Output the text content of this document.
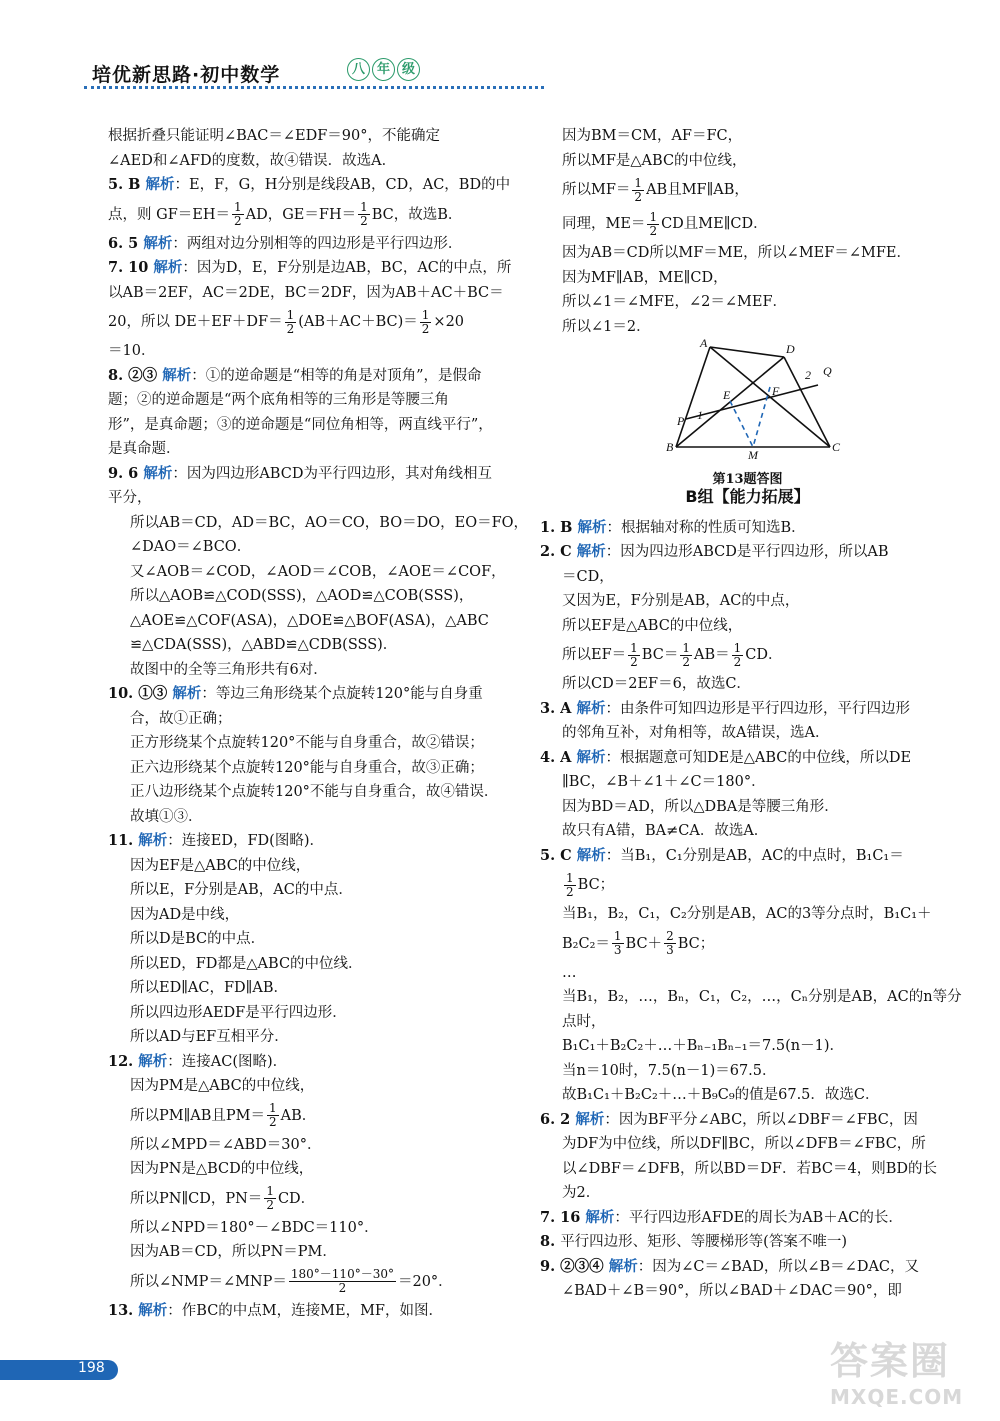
培优新思路·初中数学	八 年 级
根据折叠只能证明∠BAC＝∠EDF＝90°，不能确定
∠AED和∠AFD的度数，故④错误．故选A．
5. B 解析：E，F，G，H分别是线段AB，CD，AC，BD的中
点，则 $GF=EH= \frac{1}{2}$ AD，$GE=FH= \frac{1}{2}$ BC，故选B．
6. 5 解析：两组对边分别相等的四边形是平行四边形．
7. 10 解析：因为D，E，F分别是边AB，BC，AC的中点，所
以AB＝2EF，AC＝2DE，BC＝2DF，因为AB＋AC＋BC＝
20，所以 $DE+EF+DF= \frac{1}{2} (AB+AC+BC)= \frac{1}{2} \times 20$
＝10．
8. ②③ 解析：①的逆命题是“相等的角是对顶角”，是假命
题；②的逆命题是“两个底角相等的三角形是等腰三角
形”，是真命题；③的逆命题是“同位角相等，两直线平行”，
是真命题．
9. 6 解析：因为四边形ABCD为平行四边形，其对角线相互
平分，
所以AB＝CD，AD＝BC，AO＝CO，BO＝DO，EO＝FO，
∠DAO＝∠BCO．
又∠AOB＝∠COD，∠AOD＝∠COB，∠AOE＝∠COF，
所以△AOB≌△COD(SSS)，△AOD≌△COB(SSS)，
△AOE≌△COF(ASA)，△DOE≌△BOF(ASA)，△ABC
≌△CDA(SSS)，△ABD≌△CDB(SSS)．
故图中的全等三角形共有6对．
10. ①③ 解析：等边三角形绕某个点旋转120°能与自身重
合，故①正确；
正方形绕某个点旋转120°不能与自身重合，故②错误；
正六边形绕某个点旋转120°能与自身重合，故③正确；
正八边形绕某个点旋转120°不能与自身重合，故④错误．
故填①③．
11. 解析：连接ED，FD(图略)．
因为EF是△ABC的中位线，
所以E，F分别是AB，AC的中点．
因为AD是中线，
所以D是BC的中点．
所以ED，FD都是△ABC的中位线．
所以ED∥AC，FD∥AB．
所以四边形AEDF是平行四边形．
所以AD与EF互相平分．
12. 解析：连接AC(图略)．
因为PM是△ABC的中位线，
所以PM∥AB且$PM= \frac{1}{2}$ AB．
所以∠MPD＝∠ABD＝30°．
因为PN是△BCD的中位线，
所以PN∥CD，$PN= \frac{1}{2}$ CD．
所以∠NPD＝180°－∠BDC＝110°．
因为AB＝CD，所以PN＝PM．
所以∠NMP＝∠MNP＝ $\frac{180^\circ-110^\circ-30^\circ}{2} =20^\circ$．
13. 解析：作BC的中点M，连接ME，MF，如图．
因为BM＝CM，AF＝FC，
所以MF是△ABC的中位线，
所以$MF= \frac{1}{2}$ AB且MF∥AB，
同理，$ME= \frac{1}{2}$ CD且ME∥CD．
因为AB＝CD所以MF＝ME，所以∠MEF＝∠MFE．
因为MF∥AB，ME∥CD，
所以∠1＝∠MFE，∠2＝∠MEF．
所以∠1＝2．
A	D
Q
2
P 1
E	F
B
M
C
第13题答图
B组【能力拓展】
1. B 解析：根据轴对称的性质可知选B．
2. C 解析：因为四边形ABCD是平行四边形，所以AB
＝CD，
又因为E，F分别是AB，AC的中点，
所以EF是△ABC的中位线，
所以$EF= \frac{1}{2} BC= \frac{1}{2} AB= \frac{1}{2}$ CD．
所以CD＝2EF＝6，故选C．
3. A 解析：由条件可知四边形是平行四边形，平行四边形
的邻角互补，对角相等，故A错误，选A．
4. A 解析：根据题意可知DE是△ABC的中位线，所以DE
∥BC，∠B＋∠1＋∠C＝180°．
因为BD＝AD，所以△DBA是等腰三角形．
故只有A错，BA≠CA．故选A．
5. C 解析：当B₁，C₁分别是AB，AC的中点时，B₁C₁＝
$\frac{1}{2}$ BC；
当B₁，B₂，C₁，C₂分别是AB，AC的3等分点时，B₁C₁＋
$B_2C_2= \frac{1}{3} BC+ \frac{2}{3}$ BC；
…
当B₁，B₂，…，Bₙ，C₁，C₂，…，Cₙ分别是AB，AC的n等分
点时，
B₁C₁＋B₂C₂＋…＋Bₙ₋₁Bₙ₋₁＝7.5(n－1)．
当n＝10时，7.5(n－1)＝67.5．
故B₁C₁＋B₂C₂＋…＋B₉C₉的值是67.5．故选C．
6. 2 解析：因为BF平分∠ABC，所以∠DBF＝∠FBC，因
为DF为中位线，所以DF∥BC，所以∠DFB＝∠FBC，所
以∠DBF＝∠DFB，所以BD＝DF．若BC＝4，则BD的长
为2．
7. 16 解析：平行四边形AFDE的周长为AB＋AC的长．
8. 平行四边形、矩形、等腰梯形等(答案不唯一)
9. ②③④ 解析：因为∠C＝∠BAD，所以∠B＝∠DAC，又
∠BAD＋∠B＝90°，所以∠BAD＋∠DAC＝90°，即
198	答案圈
MXQE.COM
